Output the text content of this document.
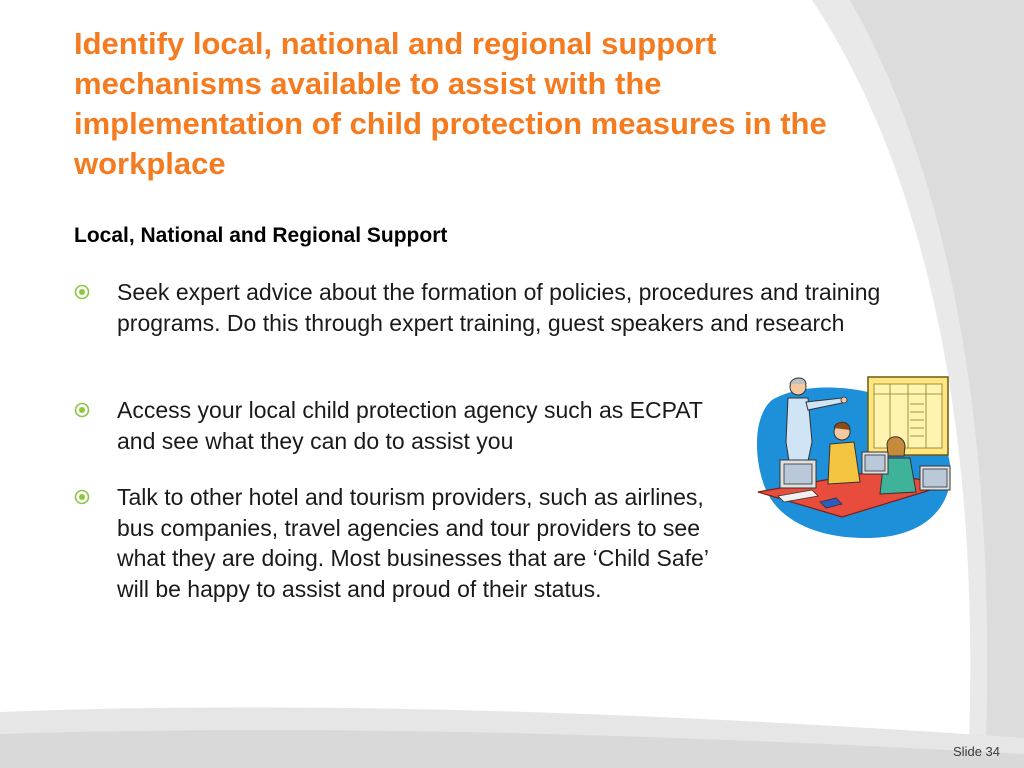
Identify local, national and regional support mechanisms available to assist with the implementation of child protection measures in the workplace
Local, National and Regional Support
Seek expert advice about the formation of policies, procedures and training programs. Do this through expert training, guest speakers and research
Access your local child protection agency such as ECPAT and see what they can do to assist you
Talk to other hotel and tourism providers, such as airlines, bus companies, travel agencies and tour providers to see what they are doing. Most businesses that are ‘Child Safe’ will be happy to assist and proud of their status.
Slide 34
